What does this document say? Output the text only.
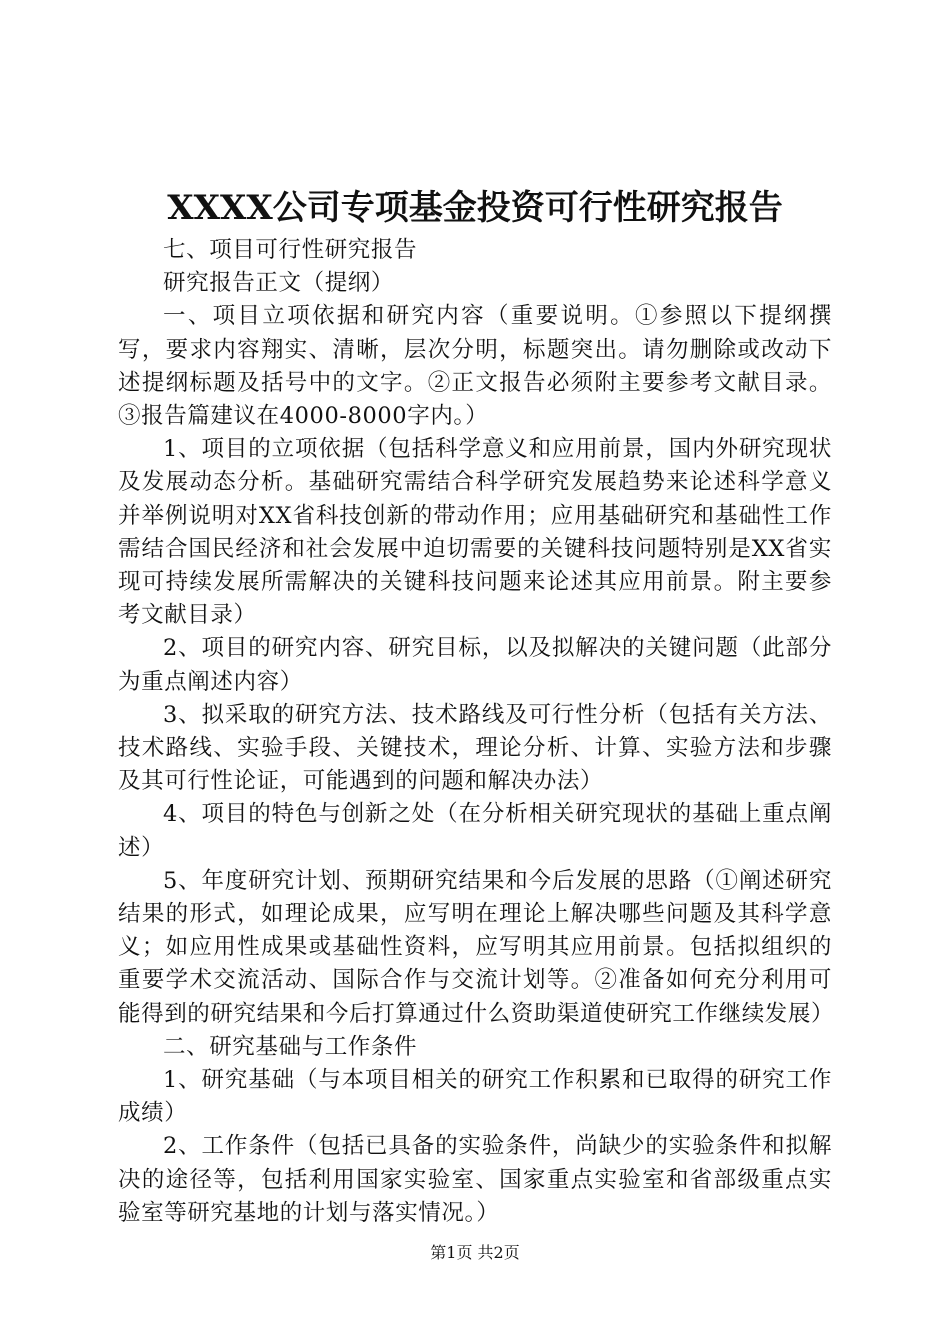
XXXX公司专项基金投资可行性研究报告

七、项目可行性研究报告

研究报告正文（提纲）

一、项目立项依据和研究内容（重要说明。①参照以下提纲撰写，要求内容翔实、清晰，层次分明，标题突出。请勿删除或改动下述提纲标题及括号中的文字。②正文报告必须附主要参考文献目录。③报告篇建议在4000-8000字内。）

1、项目的立项依据（包括科学意义和应用前景，国内外研究现状及发展动态分析。基础研究需结合科学研究发展趋势来论述科学意义并举例说明对XX省科技创新的带动作用；应用基础研究和基础性工作需结合国民经济和社会发展中迫切需要的关键科技问题特别是XX省实现可持续发展所需解决的关键科技问题来论述其应用前景。附主要参考文献目录）

2、项目的研究内容、研究目标，以及拟解决的关键问题（此部分为重点阐述内容）

3、拟采取的研究方法、技术路线及可行性分析（包括有关方法、技术路线、实验手段、关键技术，理论分析、计算、实验方法和步骤及其可行性论证，可能遇到的问题和解决办法）

4、项目的特色与创新之处（在分析相关研究现状的基础上重点阐述）

5、年度研究计划、预期研究结果和今后发展的思路（①阐述研究结果的形式，如理论成果，应写明在理论上解决哪些问题及其科学意义；如应用性成果或基础性资料，应写明其应用前景。包括拟组织的重要学术交流活动、国际合作与交流计划等。②准备如何充分利用可能得到的研究结果和今后打算通过什么资助渠道使研究工作继续发展）

二、研究基础与工作条件

1、研究基础（与本项目相关的研究工作积累和已取得的研究工作成绩）

2、工作条件（包括已具备的实验条件，尚缺少的实验条件和拟解决的途径等，包括利用国家实验室、国家重点实验室和省部级重点实验室等研究基地的计划与落实情况。）

第1页 共2页
